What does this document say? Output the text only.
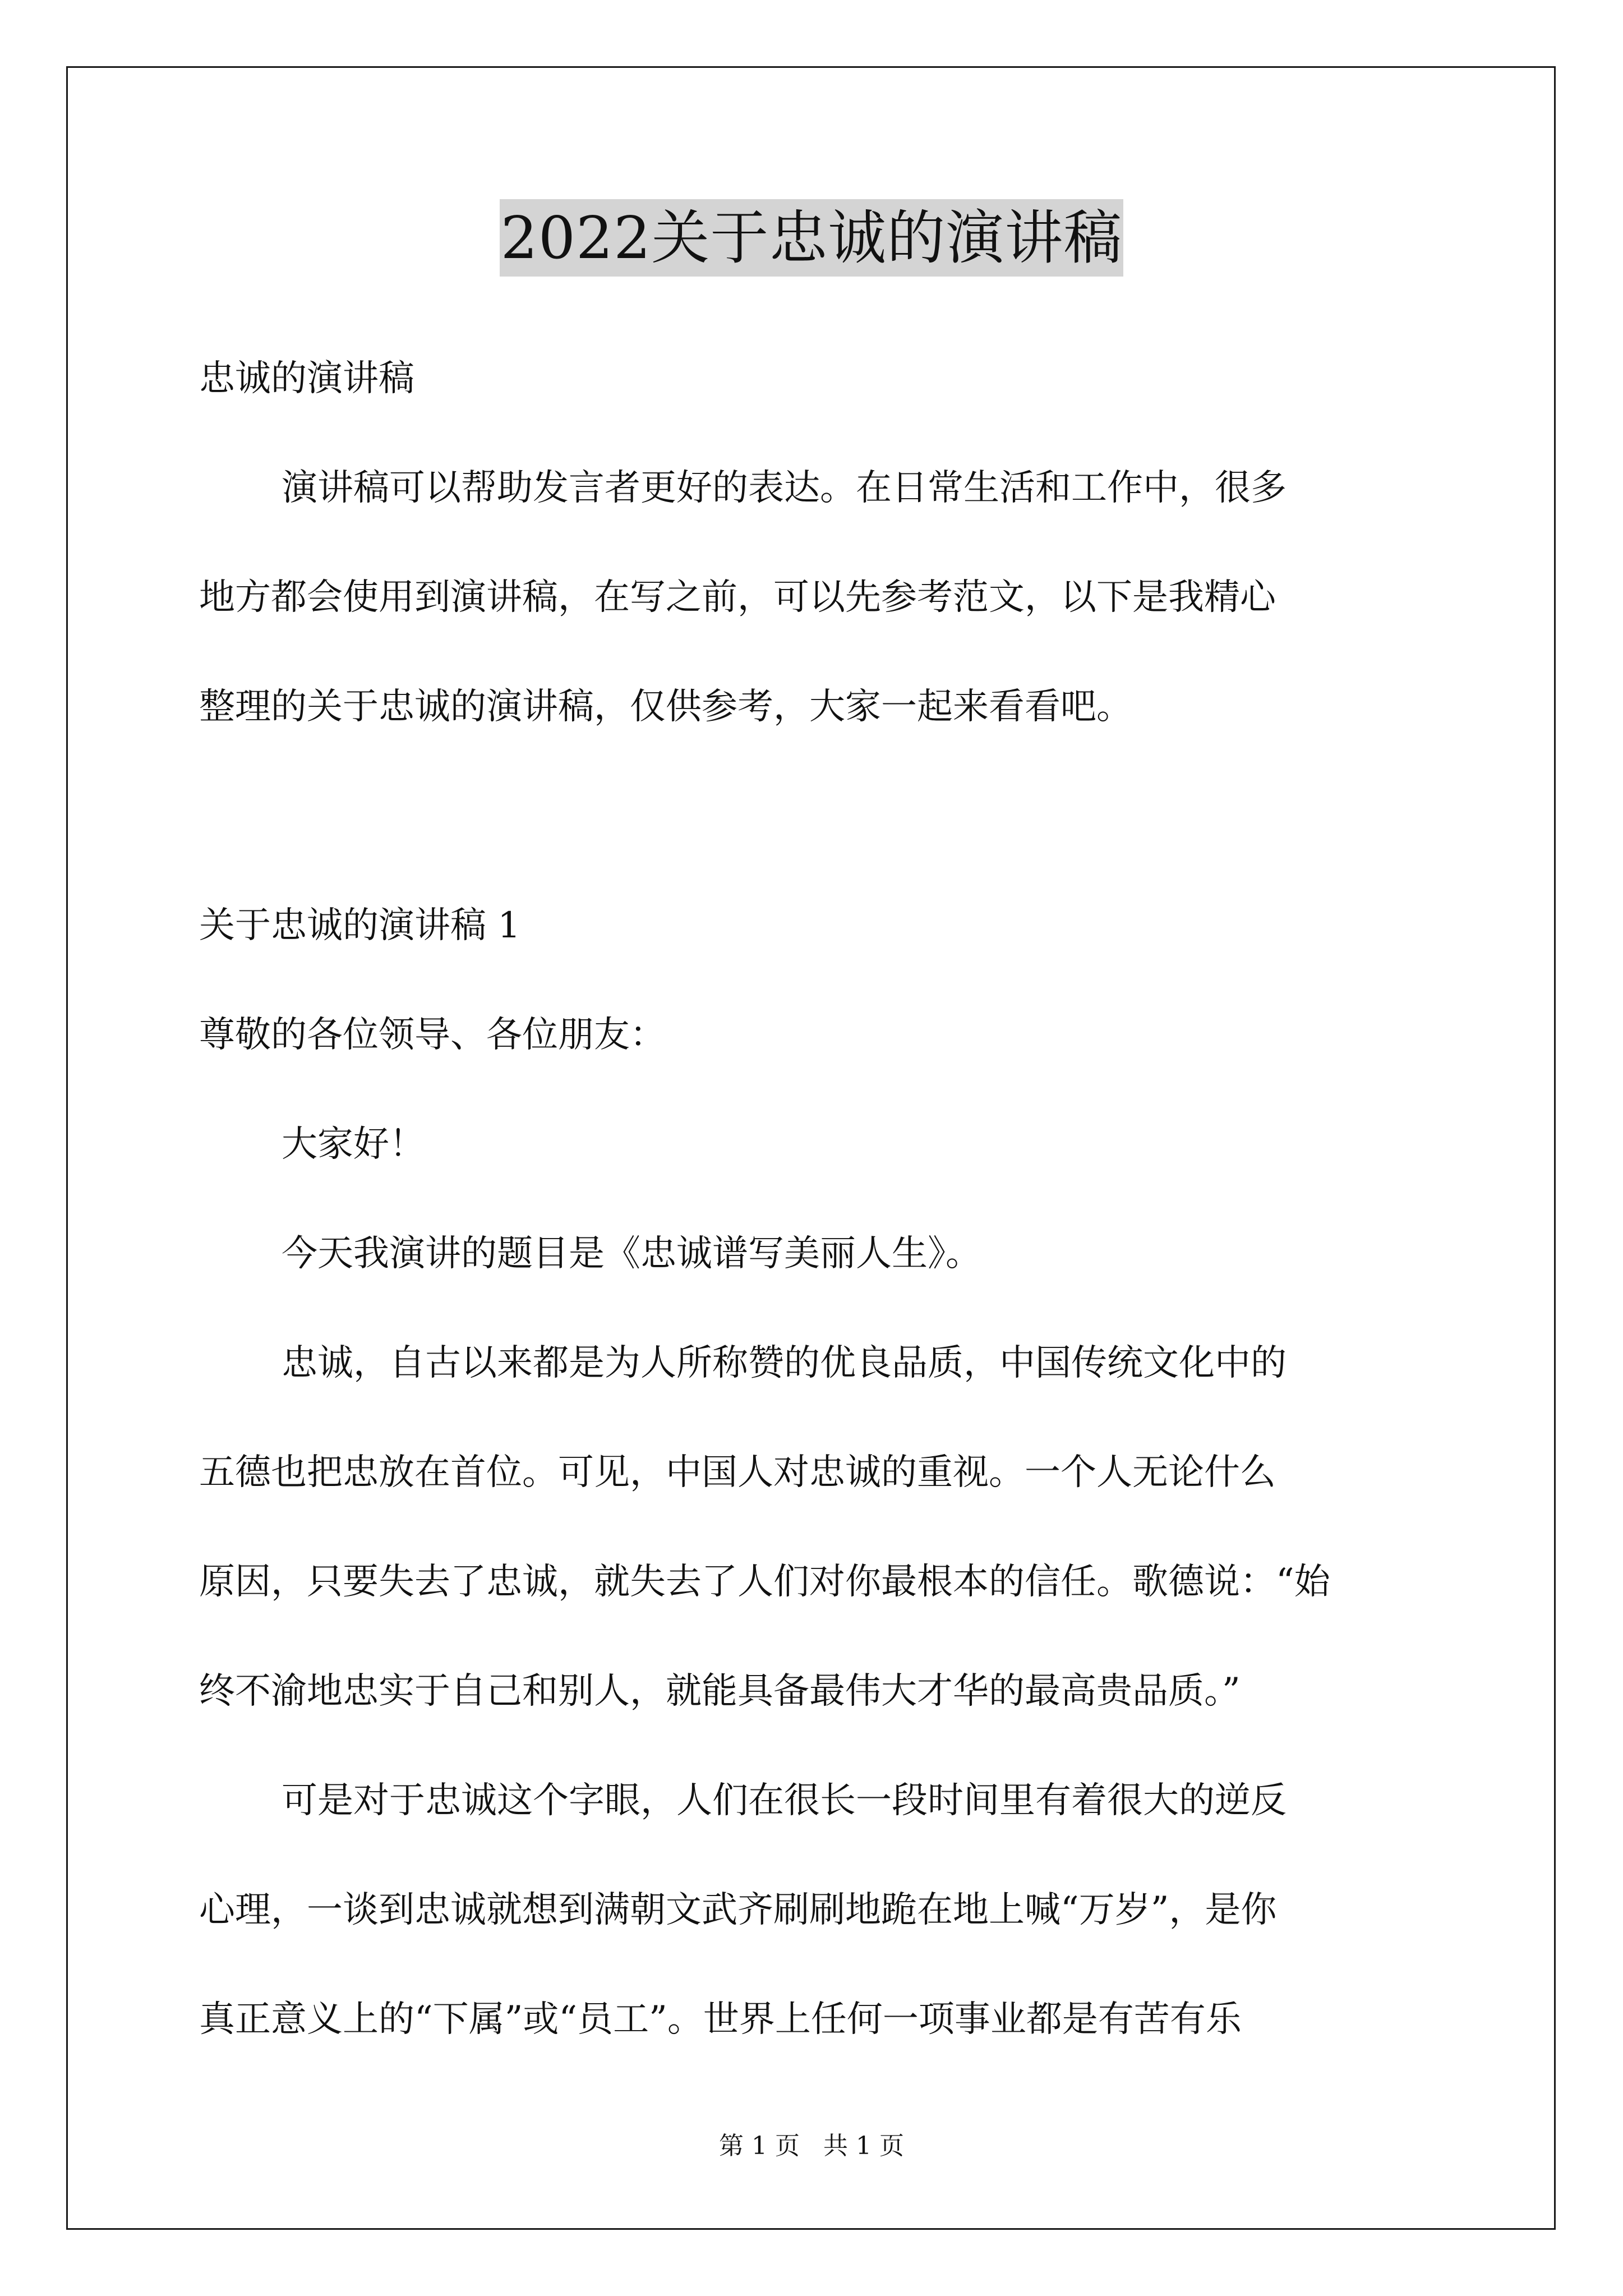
2022关于忠诚的演讲稿
忠诚的演讲稿
演讲稿可以帮助发言者更好的表达。在日常生活和工作中，很多
地方都会使用到演讲稿，在写之前，可以先参考范文，以下是我精心
整理的关于忠诚的演讲稿，仅供参考，大家一起来看看吧。
关于忠诚的演讲稿 1
尊敬的各位领导、各位朋友：
大家好！
今天我演讲的题目是《忠诚谱写美丽人生》。
忠诚，自古以来都是为人所称赞的优良品质，中国传统文化中的
五德也把忠放在首位。可见，中国人对忠诚的重视。一个人无论什么
原因，只要失去了忠诚，就失去了人们对你最根本的信任。歌德说：“始
终不渝地忠实于自己和别人，就能具备最伟大才华的最高贵品质。”
可是对于忠诚这个字眼，人们在很长一段时间里有着很大的逆反
心理，一谈到忠诚就想到满朝文武齐刷刷地跪在地上喊“万岁”，是你
真正意义上的“下属”或“员工”。世界上任何一项事业都是有苦有乐
第 1 页   共 1 页
